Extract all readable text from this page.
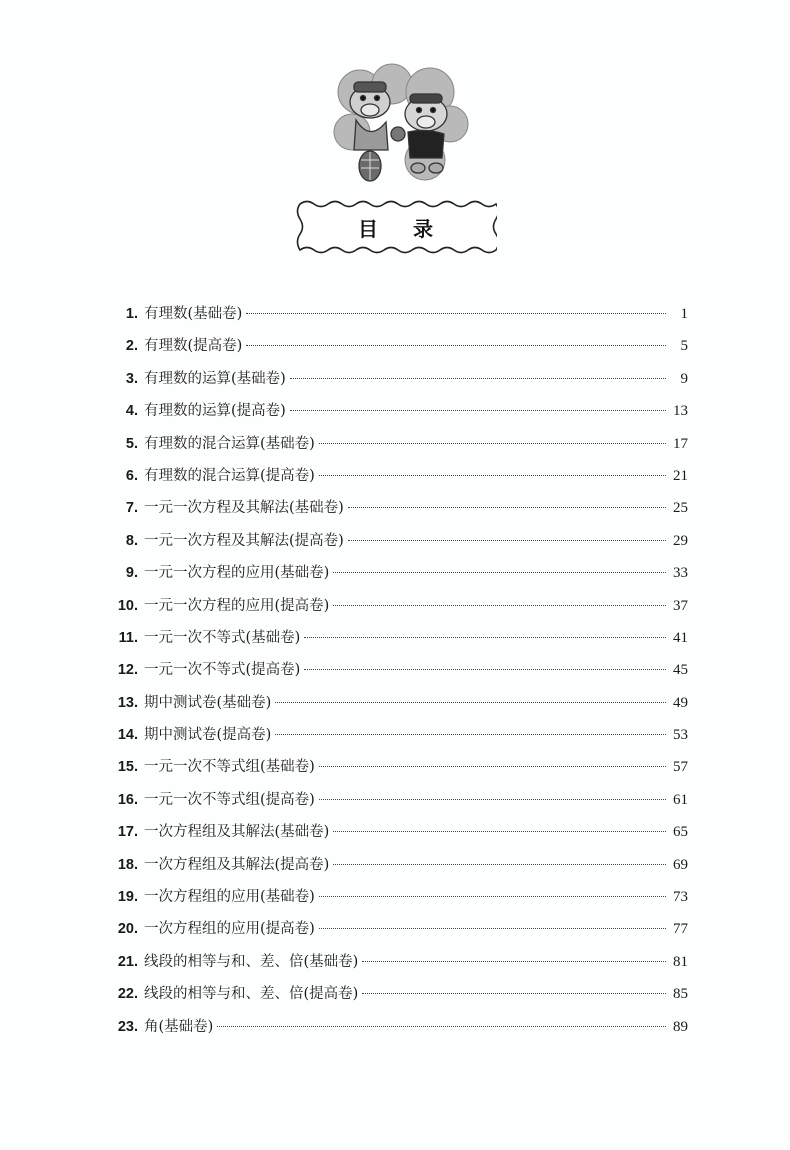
目 录
1. 有理数(基础卷)	1
2. 有理数(提高卷)	5
3. 有理数的运算(基础卷)	9
4. 有理数的运算(提高卷)	13
5. 有理数的混合运算(基础卷)	17
6. 有理数的混合运算(提高卷)	21
7. 一元一次方程及其解法(基础卷)	25
8. 一元一次方程及其解法(提高卷)	29
9. 一元一次方程的应用(基础卷)	33
10. 一元一次方程的应用(提高卷)	37
11. 一元一次不等式(基础卷)	41
12. 一元一次不等式(提高卷)	45
13. 期中测试卷(基础卷)	49
14. 期中测试卷(提高卷)	53
15. 一元一次不等式组(基础卷)	57
16. 一元一次不等式组(提高卷)	61
17. 一次方程组及其解法(基础卷)	65
18. 一次方程组及其解法(提高卷)	69
19. 一次方程组的应用(基础卷)	73
20. 一次方程组的应用(提高卷)	77
21. 线段的相等与和、差、倍(基础卷)	81
22. 线段的相等与和、差、倍(提高卷)	85
23. 角(基础卷)	89
